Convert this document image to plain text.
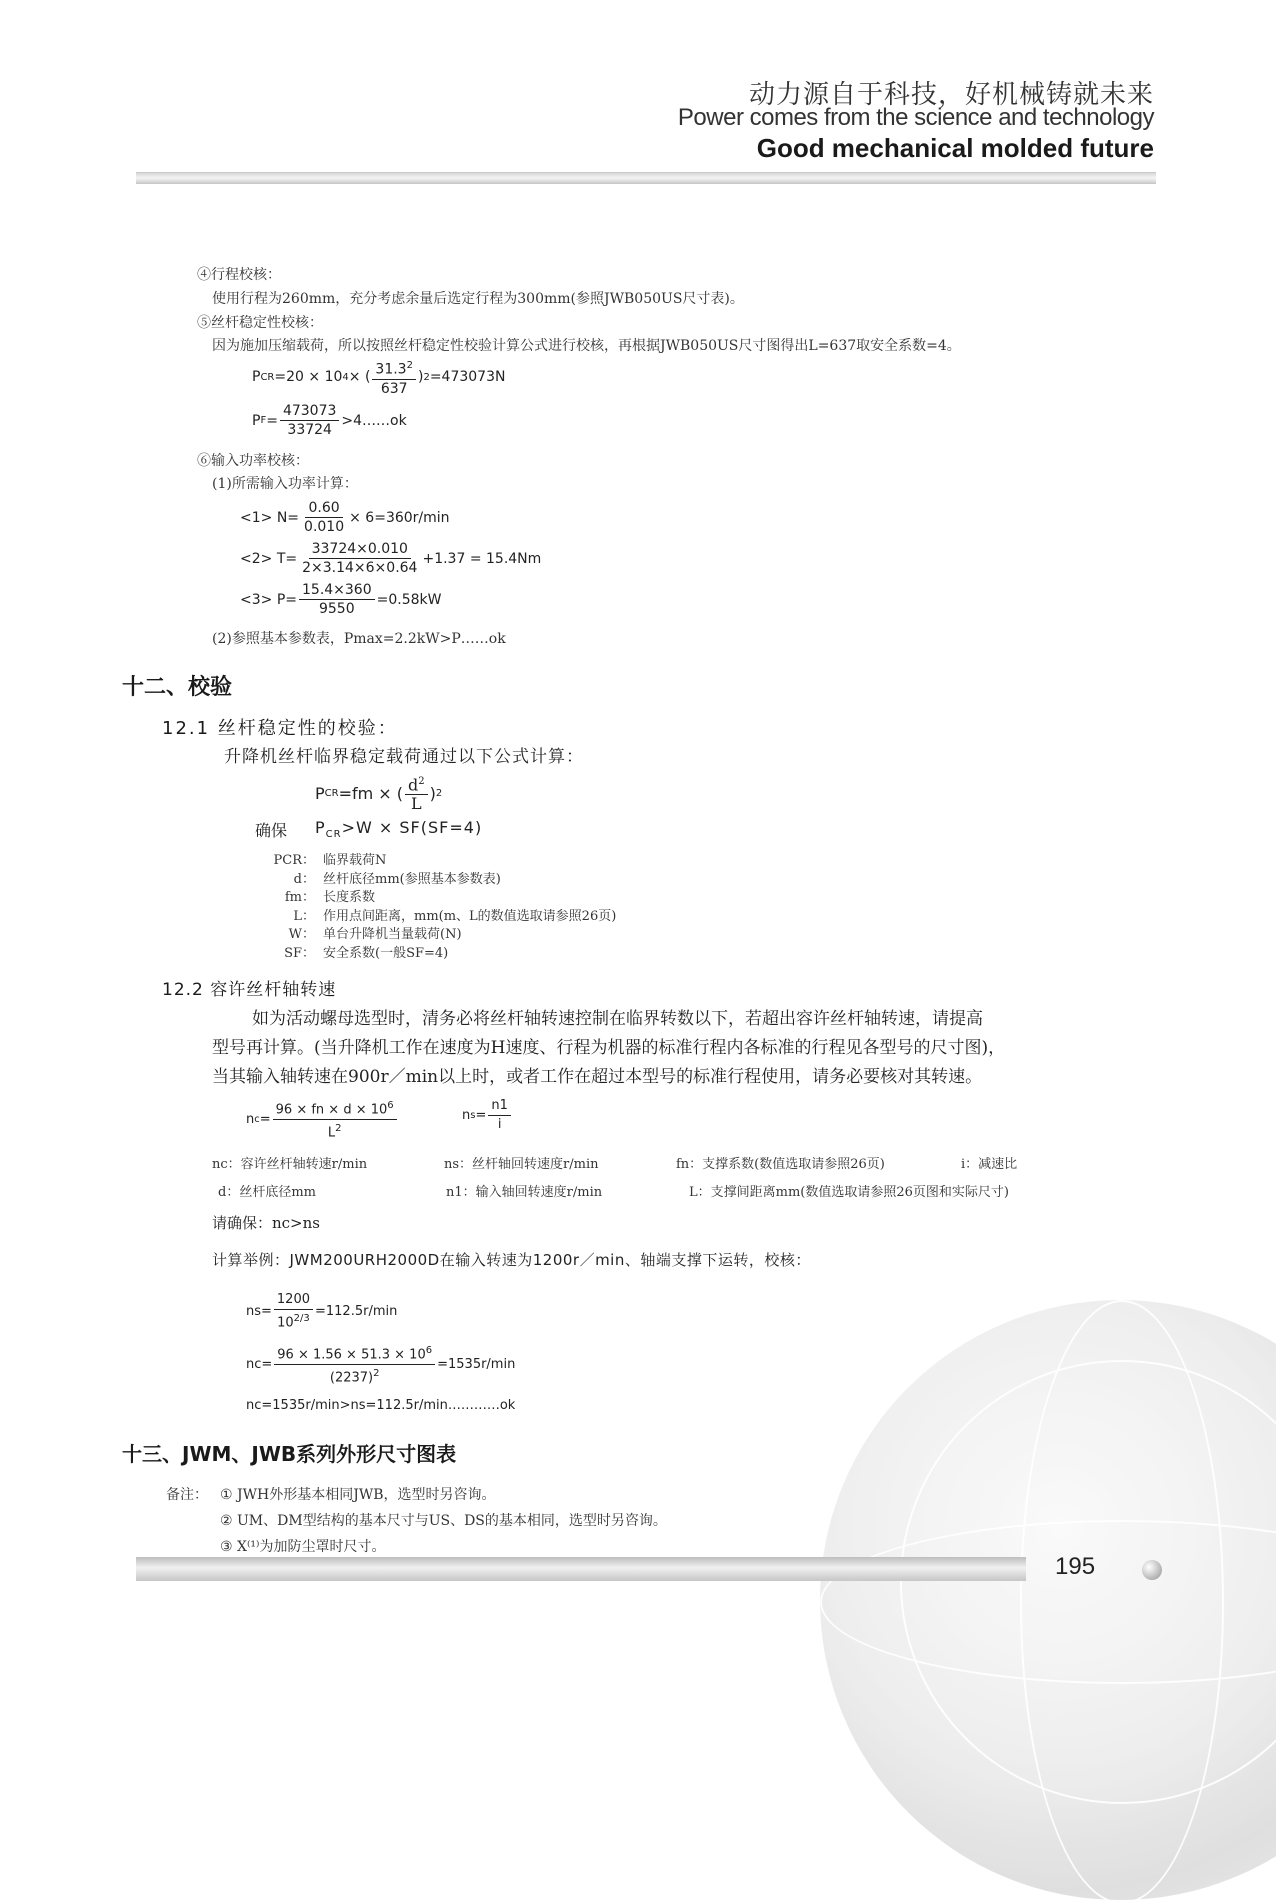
动力源自于科技，好机械铸就未来
Power comes from the science and technology
Good mechanical molded future
④行程校核：
使用行程为260mm，充分考虑余量后选定行程为300mm(参照JWB050US尺寸表)。
⑤丝杆稳定性校核：
因为施加压缩载荷，所以按照丝杆稳定性校验计算公式进行校核，再根据JWB050US尺寸图得出L=637取安全系数=4。
P CR =20 × 10 4 × ( $\frac{31.3^2}{637}$ ) 2 =473073N
P $F = \frac{473073}{33724}$ >4……ok
⑥输入功率校核：
(1)所需输入功率计算：
$<1> N= \frac{0.60}{0.010} \times 6=360r/\min$
$<2> T= \frac{33724\times 0.010}{2\times 3.14\times 6\times 0.64} +1.37 = 15.4Nm$
$<3> P= \frac{15.4\times 360}{9550} =0.58kW$
(2)参照基本参数表，Pmax=2.2kW>P……ok
十二、校验
12.1 丝杆稳定性的校验：
升降机丝杆临界稳定载荷通过以下公式计算：
P CR =fm × ( $\frac{d^2}{L}$ ) 2
确保 $P_{CR}>W \times SF(SF=4)$
PCR： 临界载荷N
d： 丝杆底径mm(参照基本参数表)
fm： 长度系数
L： 作用点间距离，mm(m、L的数值选取请参照26页)
W： 单台升降机当量载荷(N)
SF： 安全系数(一般SF=4)
12.2 容许丝杆轴转速
如为活动螺母选型时，清务必将丝杆轴转速控制在临界转数以下，若超出容许丝杆轴转速，请提高
型号再计算。(当升降机工作在速度为H速度、行程为机器的标准行程内各标准的行程见各型号的尺寸图)，
当其输入轴转速在900r／min以上时，或者工作在超过本型号的标准行程使用，请务必要核对其转速。
n $c = \frac{96 \times fn \times d \times 10^6}{L^2}$	n $s = \frac{n1}{i}$
nc：容许丝杆轴转速r/min	ns：丝杆轴回转速度r/min	fn：支撑系数(数值选取请参照26页)	i：减速比
d：丝杆底径mm	n1：输入轴回转速度r/min	L：支撑间距离mm(数值选取请参照26页图和实际尺寸)
请确保：nc>ns
计算举例：JWM200URH2000D在输入转速为1200r／min、轴端支撑下运转，校核：
$ns= \frac{1200}{10^{2/3}} =112.5r/\min$
$nc= \frac{96 \times 1.56 \times 51.3 \times 10^6}{(2237)^2} =1535r/\min$
nc=1535r/min>ns=112.5r/min…………ok
十三、JWM、JWB系列外形尺寸图表
备注： ① JWH外形基本相同JWB，选型时另咨询。
② UM、DM型结构的基本尺寸与US、DS的基本相同，选型时另咨询。
③ X⁽¹⁾为加防尘罩时尺寸。
195
